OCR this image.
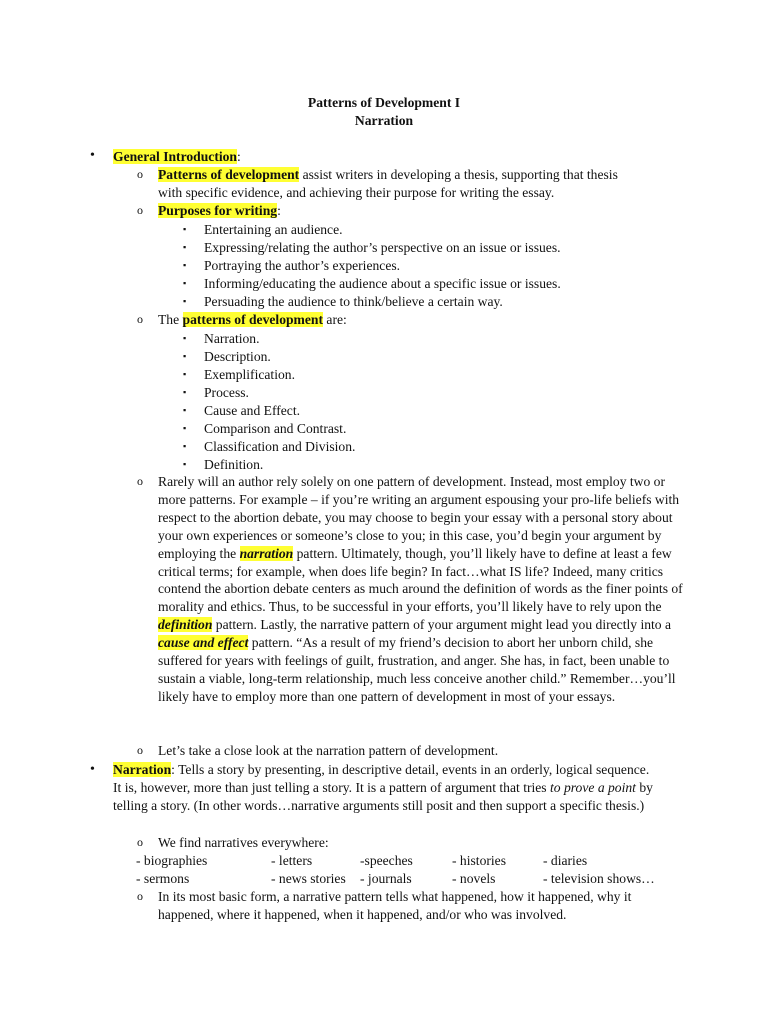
Patterns of Development I
Narration
• General Introduction:
o Patterns of development assist writers in developing a thesis, supporting that thesis
with specific evidence, and achieving their purpose for writing the essay.
o Purposes for writing:
▪ Entertaining an audience.
▪ Expressing/relating the author’s perspective on an issue or issues.
▪ Portraying the author’s experiences.
▪ Informing/educating the audience about a specific issue or issues.
▪ Persuading the audience to think/believe a certain way.
o The patterns of development are:
▪ Narration.
▪ Description.
▪ Exemplification.
▪ Process.
▪ Cause and Effect.
▪ Comparison and Contrast.
▪ Classification and Division.
▪ Definition.
o Rarely will an author rely solely on one pattern of development. Instead, most employ two or more patterns. For example – if you’re writing an argument espousing your pro-life beliefs with respect to the abortion debate, you may choose to begin your essay with a personal story about your own experiences or someone’s close to you; in this case, you’d begin your argument by employing the narration pattern. Ultimately, though, you’ll likely have to define at least a few critical terms; for example, when does life begin? In fact…what IS life? Indeed, many critics contend the abortion debate centers as much around the definition of words as the finer points of morality and ethics. Thus, to be successful in your efforts, you’ll likely have to rely upon the definition pattern. Lastly, the narrative pattern of your argument might lead you directly into a cause and effect pattern. “As a result of my friend’s decision to abort her unborn child, she suffered for years with feelings of guilt, frustration, and anger. She has, in fact, been unable to sustain a viable, long-term relationship, much less conceive another child.” Remember…you’ll likely have to employ more than one pattern of development in most of your essays.
o Let’s take a close look at the narration pattern of development.
• Narration: Tells a story by presenting, in descriptive detail, events in an orderly, logical sequence. It is, however, more than just telling a story. It is a pattern of argument that tries to prove a point by telling a story. (In other words…narrative arguments still posit and then support a specific thesis.)
o We find narratives everywhere:
- biographies	- letters	-speeches	- histories	- diaries
- sermons	- news stories - journals	- novels	- television shows…
o In its most basic form, a narrative pattern tells what happened, how it happened, why it happened, where it happened, when it happened, and/or who was involved.
